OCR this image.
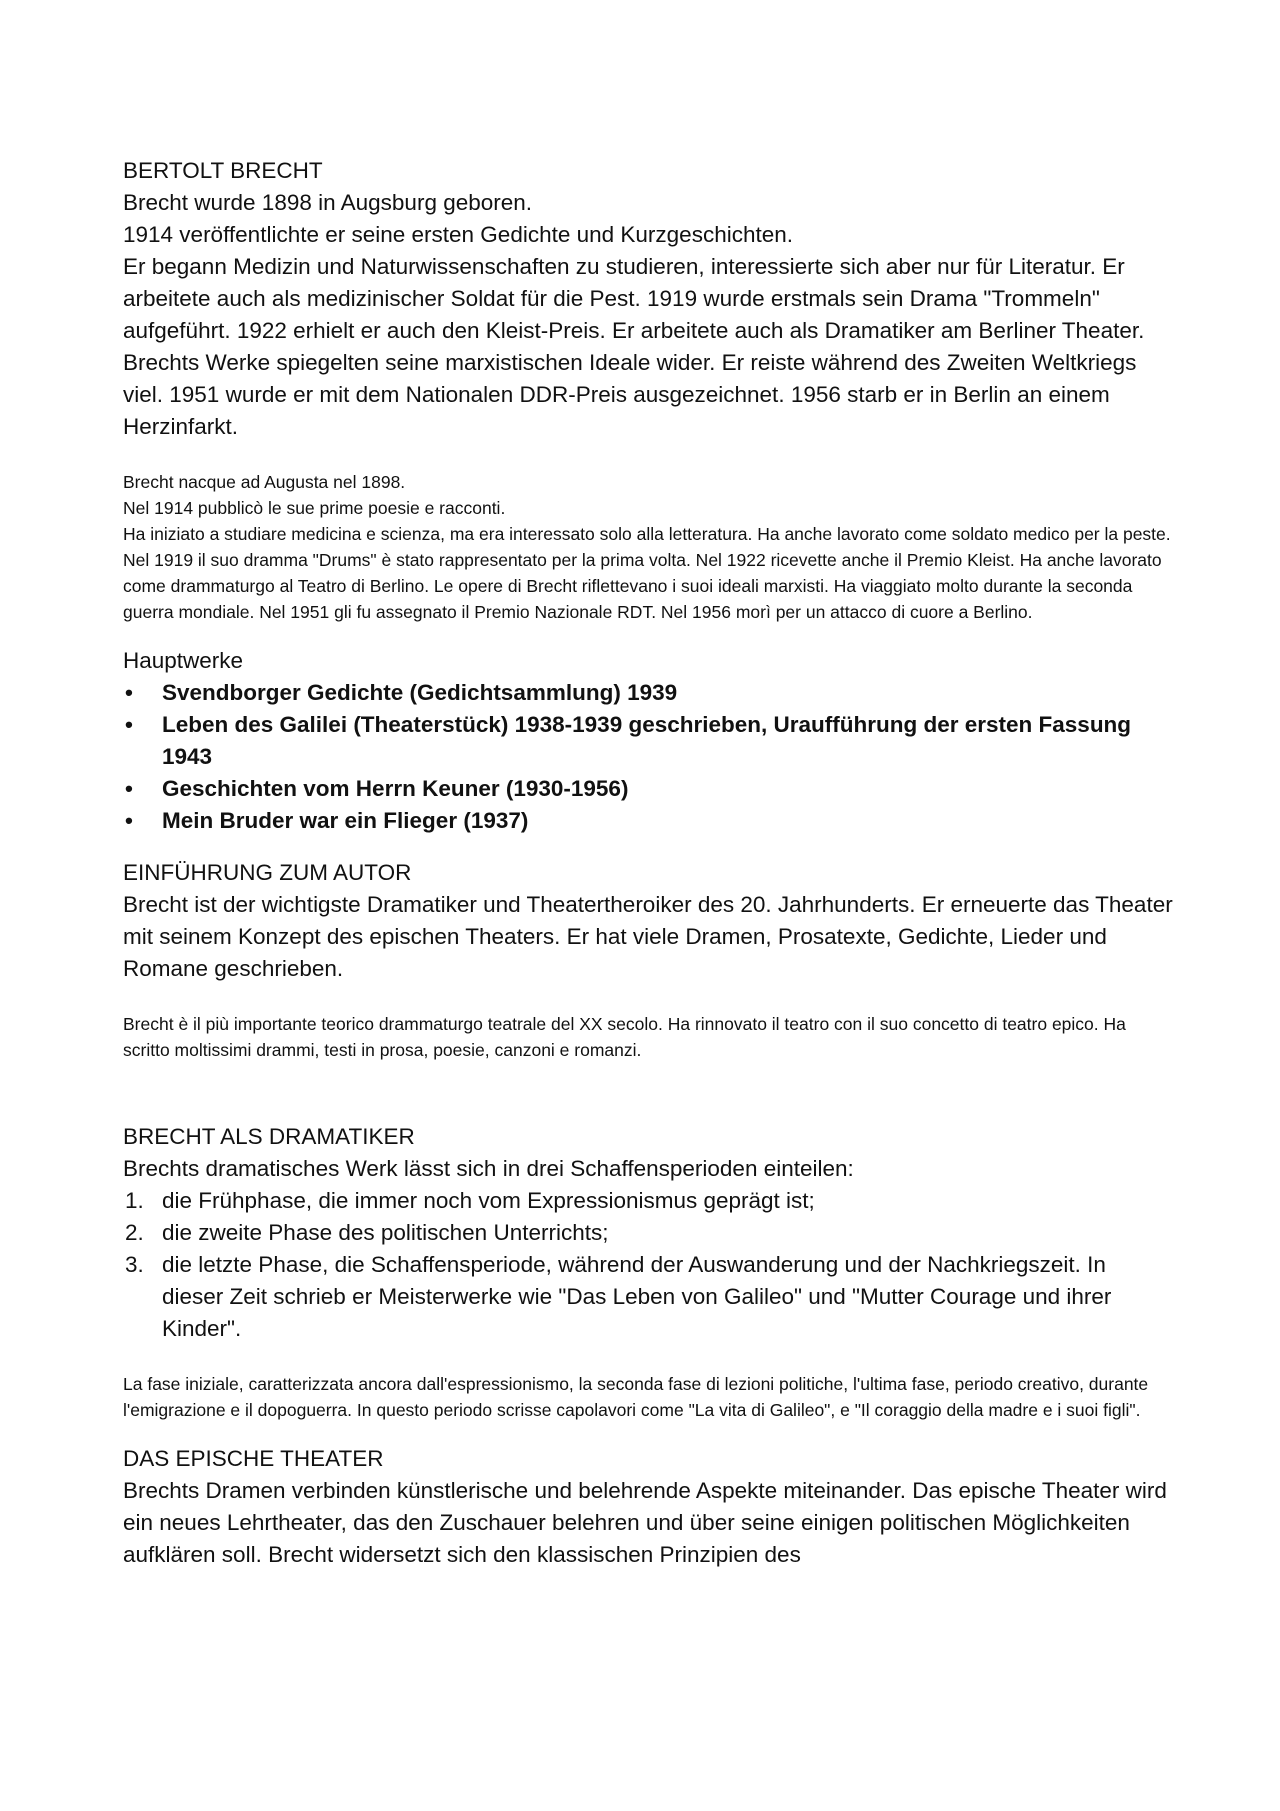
BERTOLT BRECHT

Brecht wurde 1898 in Augsburg geboren.

1914 veröffentlichte er seine ersten Gedichte und Kurzgeschichten.

Er begann Medizin und Naturwissenschaften zu studieren, interessierte sich aber nur für Literatur. Er arbeitete auch als medizinischer Soldat für die Pest. 1919 wurde erstmals sein Drama "Trommeln" aufgeführt. 1922 erhielt er auch den Kleist-Preis. Er arbeitete auch als Dramatiker am Berliner Theater. Brechts Werke spiegelten seine marxistischen Ideale wider. Er reiste während des Zweiten Weltkriegs viel. 1951 wurde er mit dem Nationalen DDR-Preis ausgezeichnet. 1956 starb er in Berlin an einem Herzinfarkt.

Brecht nacque ad Augusta nel 1898.

Nel 1914 pubblicò le sue prime poesie e racconti.

Ha iniziato a studiare medicina e scienza, ma era interessato solo alla letteratura. Ha anche lavorato come soldato medico per la peste. Nel 1919 il suo dramma "Drums" è stato rappresentato per la prima volta. Nel 1922 ricevette anche il Premio Kleist. Ha anche lavorato come drammaturgo al Teatro di Berlino. Le opere di Brecht riflettevano i suoi ideali marxisti. Ha viaggiato molto durante la seconda guerra mondiale. Nel 1951 gli fu assegnato il Premio Nazionale RDT. Nel 1956 morì per un attacco di cuore a Berlino.

Hauptwerke

• Svendborger Gedichte (Gedichtsammlung) 1939
• Leben des Galilei (Theaterstück) 1938-1939 geschrieben, Uraufführung der ersten Fassung 1943
• Geschichten vom Herrn Keuner (1930-1956)
• Mein Bruder war ein Flieger (1937)

EINFÜHRUNG ZUM AUTOR

Brecht ist der wichtigste Dramatiker und Theatertheroiker des 20. Jahrhunderts. Er erneuerte das Theater mit seinem Konzept des epischen Theaters. Er hat viele Dramen, Prosatexte, Gedichte, Lieder und Romane geschrieben.

Brecht è il più importante teorico drammaturgo teatrale del XX secolo. Ha rinnovato il teatro con il suo concetto di teatro epico. Ha scritto moltissimi drammi, testi in prosa, poesie, canzoni e romanzi.

BRECHT ALS DRAMATIKER

Brechts dramatisches Werk lässt sich in drei Schaffensperioden einteilen:

1. die Frühphase, die immer noch vom Expressionismus geprägt ist;
2. die zweite Phase des politischen Unterrichts;
3. die letzte Phase, die Schaffensperiode, während der Auswanderung und der Nachkriegszeit. In dieser Zeit schrieb er Meisterwerke wie "Das Leben von Galileo" und "Mutter Courage und ihrer Kinder".

La fase iniziale, caratterizzata ancora dall'espressionismo, la seconda fase di lezioni politiche, l'ultima fase, periodo creativo, durante l'emigrazione e il dopoguerra. In questo periodo scrisse capolavori come "La vita di Galileo", e "Il coraggio della madre e i suoi figli".

DAS EPISCHE THEATER

Brechts Dramen verbinden künstlerische und belehrende Aspekte miteinander. Das epische Theater wird ein neues Lehrtheater, das den Zuschauer belehren und über seine einigen politischen Möglichkeiten aufklären soll. Brecht widersetzt sich den klassischen Prinzipien des
